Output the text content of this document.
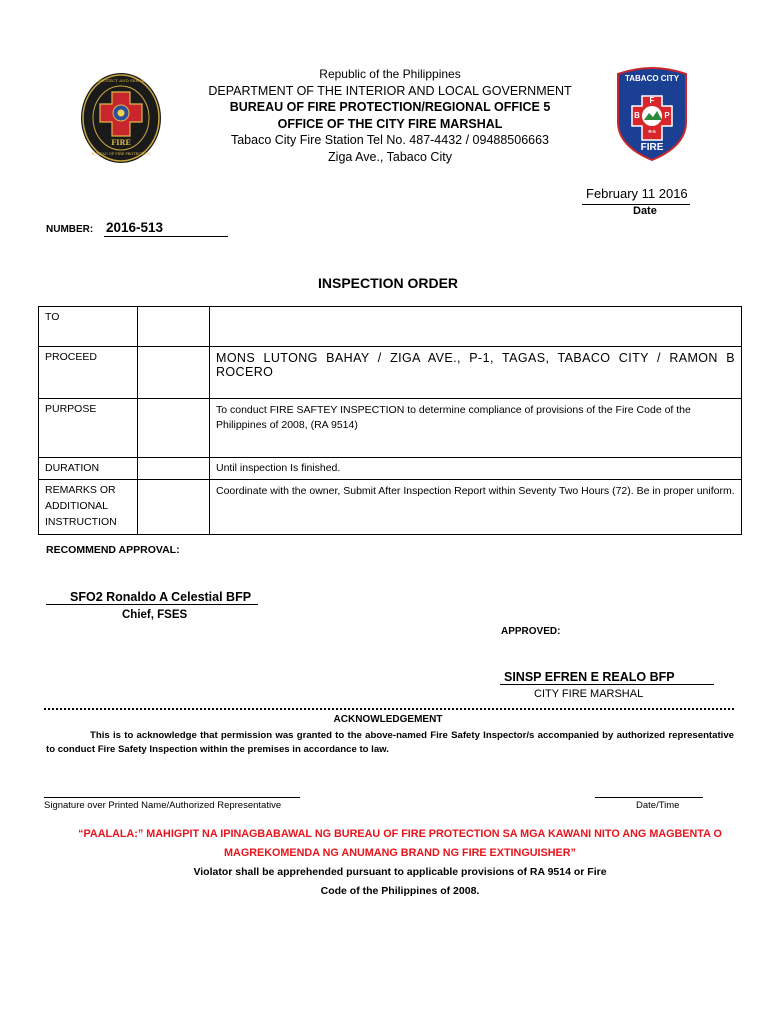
PROTECT AND SERVE
BUREAU OF FIRE PROTECTION
FIRE
Republic of the Philippines
DEPARTMENT OF THE INTERIOR AND LOCAL GOVERNMENT
BUREAU OF FIRE PROTECTION/REGIONAL OFFICE 5
OFFICE OF THE CITY FIRE MARSHAL
Tabaco City Fire Station Tel No. 487-4432 / 09488506663
Ziga Ave., Tabaco City
TABACO CITY
F
B	P
R-5
FIRE
February 11 2016
Date
NUMBER: 2016-513
INSPECTION ORDER
TO		
PROCEED		MONS LUTONG BAHAY / ZIGA AVE., P-1, TAGAS, TABACO CITY / RAMON B ROCERO
PURPOSE		To conduct FIRE SAFTEY INSPECTION to determine compliance of provisions of the Fire Code of the Philippines of 2008, (RA 9514)
DURATION		Until inspection Is finished.
REMARKS OR ADDITIONAL INSTRUCTION		Coordinate with the owner, Submit After Inspection Report within Seventy Two Hours (72). Be in proper uniform.
RECOMMEND APPROVAL:
SFO2 Ronaldo A Celestial BFP
Chief, FSES
APPROVED:
SINSP EFREN E REALO BFP
CITY FIRE MARSHAL
ACKNOWLEDGEMENT
This is to acknowledge that permission was granted to the above-named Fire Safety Inspector/s accompanied by authorized representative to conduct Fire Safety Inspection within the premises in accordance to law.
Signature over Printed Name/Authorized Representative	Date/Time
“PAALALA:” MAHIGPIT NA IPINAGBABAWAL NG BUREAU OF FIRE PROTECTION SA MGA KAWANI NITO ANG MAGBENTA O
MAGREKOMENDA NG ANUMANG BRAND NG FIRE EXTINGUISHER”
Violator shall be apprehended pursuant to applicable provisions of RA 9514 or Fire
Code of the Philippines of 2008.
